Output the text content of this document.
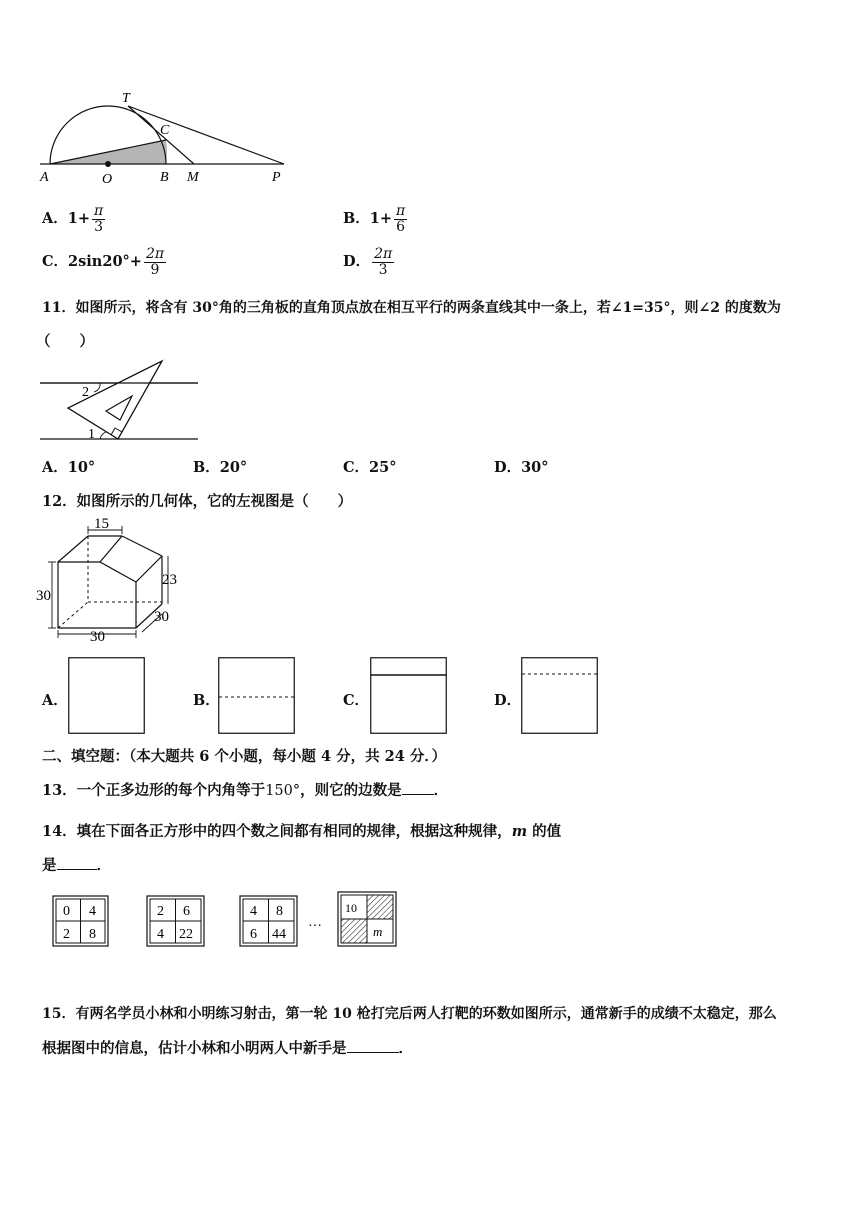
T
C
A	O	B M	P
A．$1+ \frac{\pi}{3}$	B．$1+ \frac{\pi}{6}$
C．$2\sin 20^\circ+ \frac{2\pi}{9}$	D． $\frac{2\pi}{3}$
11．如图所示，将含有 30°角的三角板的直角顶点放在相互平行的两条直线其中一条上，若∠1=35°，则∠2 的度数为
（　　）
2
1
A．10°	B．20°	C．25°	D．30°
12．如图所示的几何体，它的左视图是（　　）
15
30
23
30
30
A．	B．	C．	D．
二、填空题：（本大题共 6 个小题，每小题 4 分，共 24 分．）
13．一个正多边形的每个内角等于150°，则它的边数是 ．
14．填在下面各正方形中的四个数之间都有相同的规律，根据这种规律，m 的值
是	．
0 4
2 8
2 6
4 22
4 8
6 44
…
10
m
15．有两名学员小林和小明练习射击，第一轮 10 枪打完后两人打靶的环数如图所示，通常新手的成绩不太稳定，那么
根据图中的信息，估计小林和小明两人中新手是	．
